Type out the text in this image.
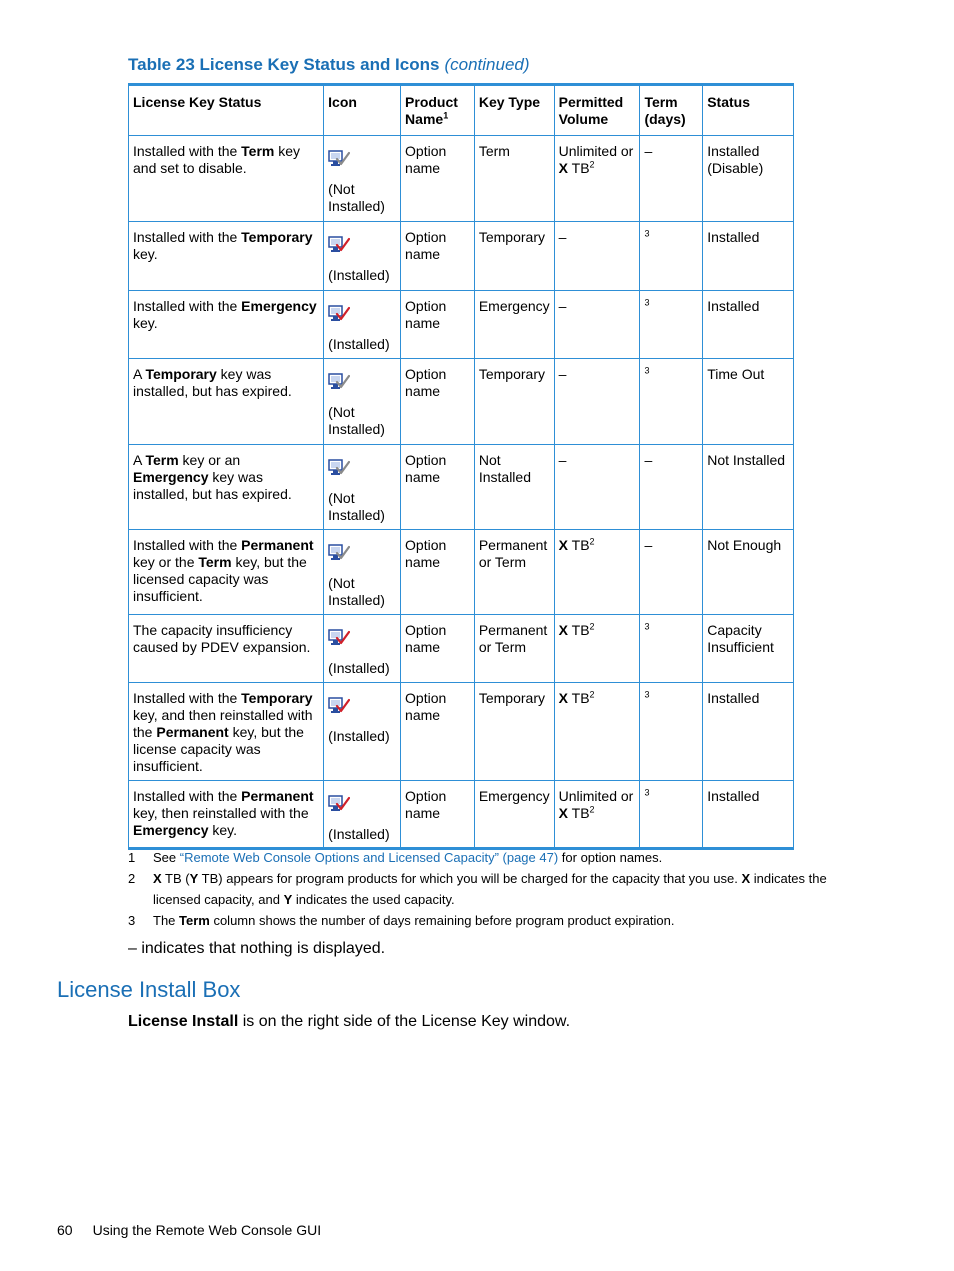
Table 23 License Key Status and Icons (continued)
License Key Status	Icon	Product Name$^1$	Key Type	Permitted Volume	Term (days)	Status
Installed with the Term key and set to disable.	(Not Installed)	Option name	Term	Unlimited or X $TB^2$	–	Installed (Disable)
Installed with the Temporary key.	(Installed)	Option name	Temporary	–	$^3$	Installed
Installed with the Emergency key.	(Installed)	Option name	Emergency	–	$^3$	Installed
A Temporary key was installed, but has expired.	(Not Installed)	Option name	Temporary	–	$^3$	Time Out
A Term key or an Emergency key was installed, but has expired.	(Not Installed)	Option name	Not Installed	–	–	Not Installed
Installed with the Permanent key or the Term key, but the licensed capacity was insufficient.	(Not Installed)	Option name	Permanent or Term	X $TB^2$	–	Not Enough
The capacity insufficiency caused by PDEV expansion.	(Installed)	Option name	Permanent or Term	X $TB^2$	$^3$	Capacity Insufficient
Installed with the Temporary key, and then reinstalled with the Permanent key, but the license capacity was insufficient.	(Installed)	Option name	Temporary	X $TB^2$	$^3$	Installed
Installed with the Permanent key, then reinstalled with the Emergency key.	(Installed)	Option name	Emergency	Unlimited or X $TB^2$	$^3$	Installed
1	See “Remote Web Console Options and Licensed Capacity” (page 47) for option names.
2	X TB (Y TB) appears for program products for which you will be charged for the capacity that you use. X indicates the licensed capacity, and Y indicates the used capacity.
3	The Term column shows the number of days remaining before program product expiration.
– indicates that nothing is displayed.
License Install Box
License Install is on the right side of the License Key window.
60 Using the Remote Web Console GUI
